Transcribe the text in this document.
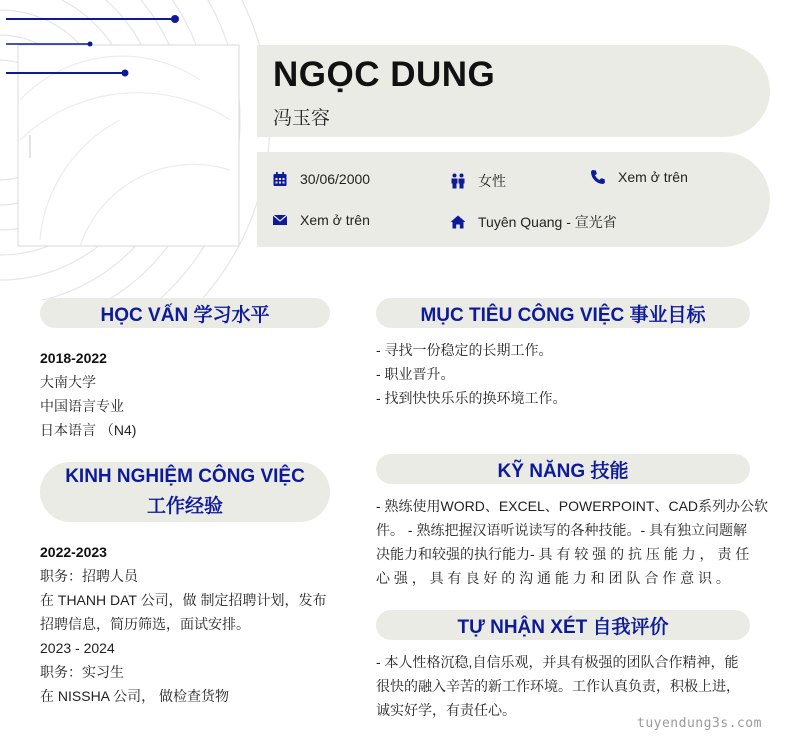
NGỌC DUNG
冯玉容
30/06/2000	女性	Xem ở trên
Xem ở trên	Tuyên Quang - 宣光省
HỌC VẤN 学习水平
2018-2022
大南大学
中国语言专业
日本语言 （N4)
KINH NGHIỆM CÔNG VIỆC
工作经验
2022-2023
职务：招聘人员
在 THANH DAT 公司，做 制定招聘计划，发布
招聘信息，简历筛选，面试安排。
2023 - 2024
职务：实习生
在 NISSHA 公司， 做检查货物
MỤC TIÊU CÔNG VIỆC 事业目标
- 寻找一份稳定的长期工作。
- 职业晋升。
- 找到快快乐乐的换环境工作。
KỸ NĂNG 技能
- 熟练使用WORD、EXCEL、POWERPOINT、CAD系列办公软
件。 - 熟练把握汉语听说读写的各种技能。- 具有独立问题解
决能力和较强的执行能力- 具 有 较 强 的 抗 压 能 力 ， 责 任
心 强 ， 具 有 良 好 的 沟 通 能 力 和 团 队 合 作 意 识 。
TỰ NHẬN XÉT 自我评价
- 本人性格沉稳,自信乐观，并具有极强的团队合作精神，能
很快的融入辛苦的新工作环境。工作认真负责，积极上进，
诚实好学，有责任心。
tuyendung3s.com
